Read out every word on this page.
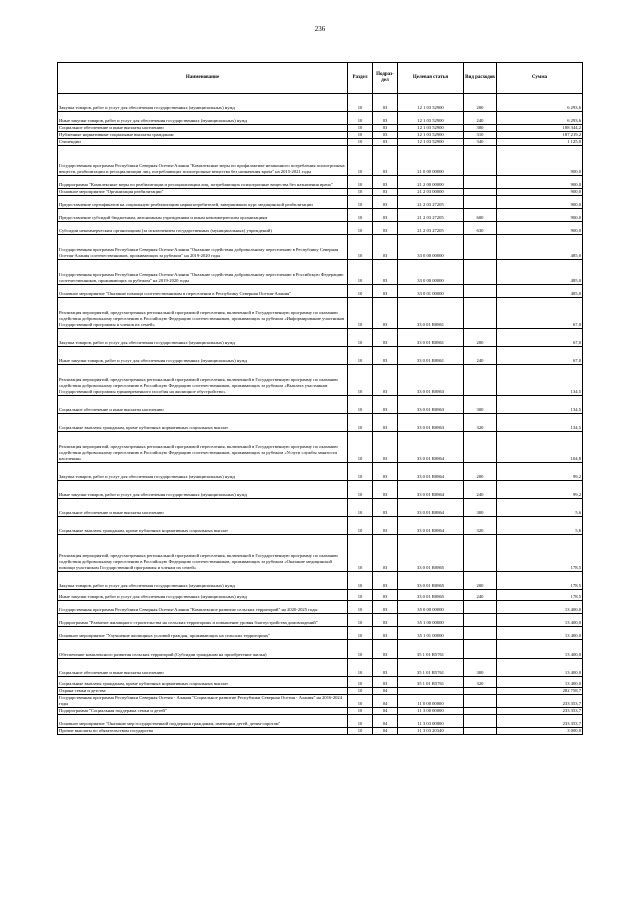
236
Наименование	Раздел	Подраз-дел	Целевая статья	Вид расходов	Сумма
Закупка товаров, работ и услуг для обеспечения государственных (муниципальных) нужд	10	03	12 1 03 52900	200	6 293,6
Иные закупки товаров, работ и услуг для обеспечения государственных (муниципальных) нужд	10	03	12 1 03 52900	240	6 293,6
Социальное обеспечение и иные выплаты населению	10	03	12 1 03 52900	300	188 344,2
Публичные нормативные социальные выплаты гражданам	10	03	12 1 03 52900	310	187 219,2
Стипендии	10	03	12 1 03 52900	340	1 125,0
Государственная программа Республики Северная Осетия-Алания "Комплексные меры по профилактике незаконного потребления психотропных веществ, реабилитации и ресоциализации лиц, потребляющих психотропные вещества без назначения врача" на 2015-2021 годы	10	03	21 0 00 00000		900,0
Подпрограмма "Комплексные меры по реабилитации и ресоциализации лиц, потребляющих психотропные вещества без назначения врача"	10	03	21 2 00 00000		900,0
Основное мероприятие "Организация реабилитации"	10	03	21 2 03 00000		900,0
Предоставление сертификатов на социальную реабилитацию наркопотребителей, завершивших курс медицинской реабилитации	10	03	21 2 03 27205		900,0
Предоставление субсидий бюджетным, автономным учреждениям и иным некоммерческим организациям	10	03	21 2 03 27205	600	900,0
Субсидии некоммерческим организациям (за исключением государственных (муниципальных) учреждений)	10	03	21 2 03 27205	630	900,0
Государственная программа Республики Северная Осетия-Алания "Оказание содействия добровольному переселению в Республику Северная Осетия-Алания соотечественников, проживающих за рубежом" на 2019-2020 годы	10	03	33 0 00 00000		485,0
Государственная программа Республики Северная Осетия-Алания "Оказание содействия добровольному переселению в Российскую Федерацию соотечественников, проживающих за рубежом" на 2019-2020 годы	10	03	33 0 00 00000		485,0
Основное мероприятие "Оказание помощи соотечественникам в переселении в Республику Северная Осетия-Алания"	10	03	33 0 01 00000		485,0
Реализация мероприятий, предусмотренных региональной программой переселения, включенной в Государственную программу по оказанию содействия добровольному переселению в Российскую Федерацию соотечественников, проживающих за рубежом «Информирование участников Государственной программы и членов их семей»	10	03	33 0 01 R0861		67,0
Закупка товаров, работ и услуг для обеспечения государственных (муниципальных) нужд	10	03	33 0 01 R0861	200	67,0
Иные закупки товаров, работ и услуг для обеспечения государственных (муниципальных) нужд	10	03	33 0 01 R0861	240	67,0
Реализация мероприятий, предусмотренных региональной программой переселения, включенной в Государственную программу по оказанию содействия добровольному переселению в Российскую Федерацию соотечественников, проживающих за рубежом «Выплата участникам Государственной программы единовременного пособия на жилищное обустройство»	10	03	33 0 01 R0863		134,5
Социальное обеспечение и иные выплаты населению	10	03	33 0 01 R0863	300	134,5
Социальные выплаты гражданам, кроме публичных нормативных социальных выплат	10	03	33 0 01 R0863	320	134,5
Реализация мероприятий, предусмотренных региональной программой переселения, включенной в Государственную программу по оказанию содействия добровольному переселению в Российскую Федерацию соотечественников, проживающих за рубежом «Услуги службы занятости населения»	10	03	33 0 01 R0864		104,8
Закупка товаров, работ и услуг для обеспечения государственных (муниципальных) нужд	10	03	33 0 01 R0864	200	99,2
Иные закупки товаров, работ и услуг для обеспечения государственных (муниципальных) нужд	10	03	33 0 01 R0864	240	99,2
Социальное обеспечение и иные выплаты населению	10	03	33 0 01 R0864	300	5,6
Социальные выплаты гражданам, кроме публичных нормативных социальных выплат	10	03	33 0 01 R0864	320	5,6
Реализация мероприятий, предусмотренных региональной программой переселения, включенной в Государственную программу по оказанию содействия добровольному переселению в Российскую Федерацию соотечественников, проживающих за рубежом «Оказание медицинской помощи участникам Государственной программы и членам их семей»	10	03	33 0 01 R0865		178,5
Закупка товаров, работ и услуг для обеспечения государственных (муниципальных) нужд	10	03	33 0 01 R0865	200	178,5
Иные закупки товаров, работ и услуг для обеспечения государственных (муниципальных) нужд	10	03	33 0 01 R0865	240	178,5
Государственная программа Республики Северная Осетия-Алания "Комплексное развитие сельских территорий" на 2020-2025 годы	10	03	35 0 00 00000		13 400,0
Подпрограмма "Развитие жилищного строительства на сельских территориях и повышение уровня благоустройства домовладений"	10	03	35 1 00 00000		13 400,0
Основное мероприятие "Улучшение жилищных условий граждан, проживающих на сельских территориях"	10	03	35 1 01 00000		13 400,0
Обеспечение комплексного развития сельских территорий (Субсидии гражданам на приобретение жилья)	10	03	35 1 01 R5761		13 400,0
Социальное обеспечение и иные выплаты населению	10	03	35 1 01 R5761	300	13 400,0
Социальные выплаты гражданам, кроме публичных нормативных социальных выплат	10	03	35 1 01 R5761	320	13 400,0
Охрана семьи и детства	10	04			282 758,7
Государственная программа Республики Северная Осетия - Алания "Социальное развитие Республики Северная Осетия - Алания" на 2016-2024 годы	10	04	11 0 00 00000		233 353,7
Подпрограмма "Социальная поддержка семьи и детей"	10	04	11 3 00 00000		233 353,7
Основное мероприятие "Оказание мер государственной поддержки гражданам, имеющим детей, детям-сиротам"	10	04	11 3 03 00000		233 353,7
Прочие выплаты по обязательствам государства	10	04	11 3 03 20340		3 000,0
